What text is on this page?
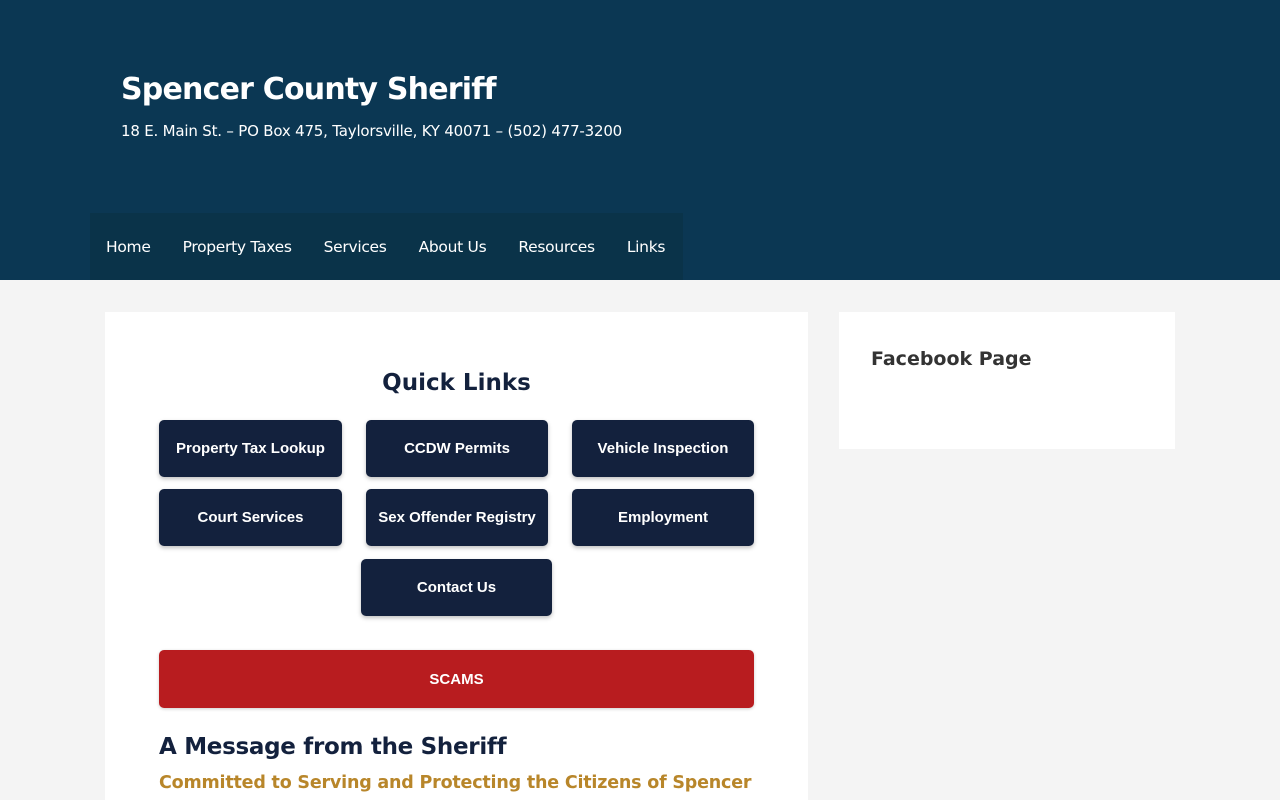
Spencer County Sheriff
18 E. Main St. – PO Box 475, Taylorsville, KY 40071 – (502) 477-3200
Home Property Taxes Services About Us Resources Links
Quick Links
Property Tax Lookup	CCDW Permits	Vehicle Inspection
Court Services	Sex Offender Registry	Employment
Contact Us
SCAMS
A Message from the Sheriff
Committed to Serving and Protecting the Citizens of Spencer
Facebook Page
